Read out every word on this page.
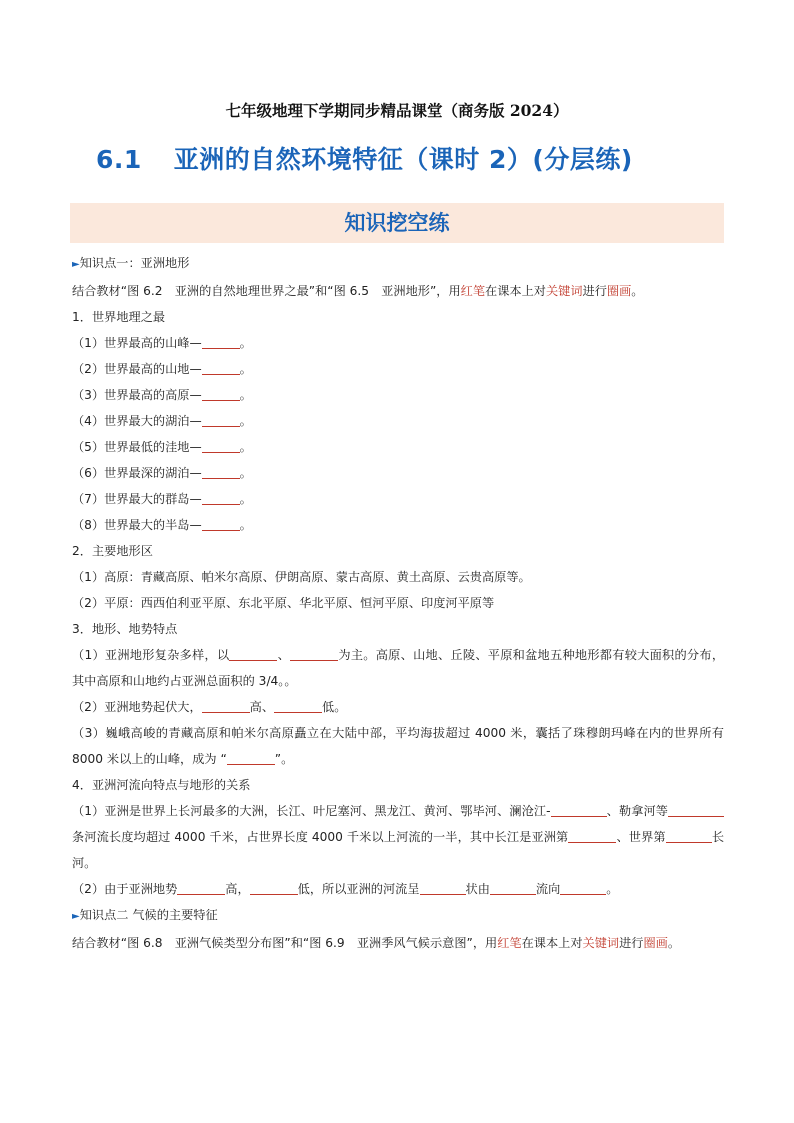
七年级地理下学期同步精品课堂（商务版 2024）
6.1 亚洲的自然环境特征（课时 2）(分层练)
知识挖空练
►知识点一：亚洲地形
结合教材“图 6.2　亚洲的自然地理世界之最”和“图 6.5　亚洲地形”，用红笔在课本上对关键词进行圈画。
1．世界地理之最
（1）世界最高的山峰—	。
（2）世界最高的山地—	。
（3）世界最高的高原—	。
（4）世界最大的湖泊—	。
（5）世界最低的洼地—	。
（6）世界最深的湖泊—	。
（7）世界最大的群岛—	。
（8）世界最大的半岛—	。
2．主要地形区
（1）高原：青藏高原、帕米尔高原、伊朗高原、蒙古高原、黄土高原、云贵高原等。
（2）平原：西西伯利亚平原、东北平原、华北平原、恒河平原、印度河平原等
3．地形、地势特点
（1）亚洲地形复杂多样，以	、	为主。高原、山地、丘陵、平原和盆地五种地形都有较大面积的分布，其中高原和山地约占亚洲总面积的 3/4。。
（2）亚洲地势起伏大，	高、	低。
（3）巍峨高峻的青藏高原和帕米尔高原矗立在大陆中部，平均海拔超过 4000 米，囊括了珠穆朗玛峰在内的世界所有 8000 米以上的山峰，成为 “	”。
4．亚洲河流向特点与地形的关系
（1）亚洲是世界上长河最多的大洲，长江、叶尼塞河、黑龙江、黄河、鄂毕河、澜沧江-	、勒拿河等条河流长度均超过 4000 千米，占世界长度 4000 千米以上河流的一半，其中长江是亚洲第	、世界第	长河。
（2）由于亚洲地势	高，	低，所以亚洲的河流呈	状由	流向	。
►知识点二 气候的主要特征
结合教材“图 6.8　亚洲气候类型分布图”和“图 6.9　亚洲季风气候示意图”，用红笔在课本上对关键词进行圈画。
